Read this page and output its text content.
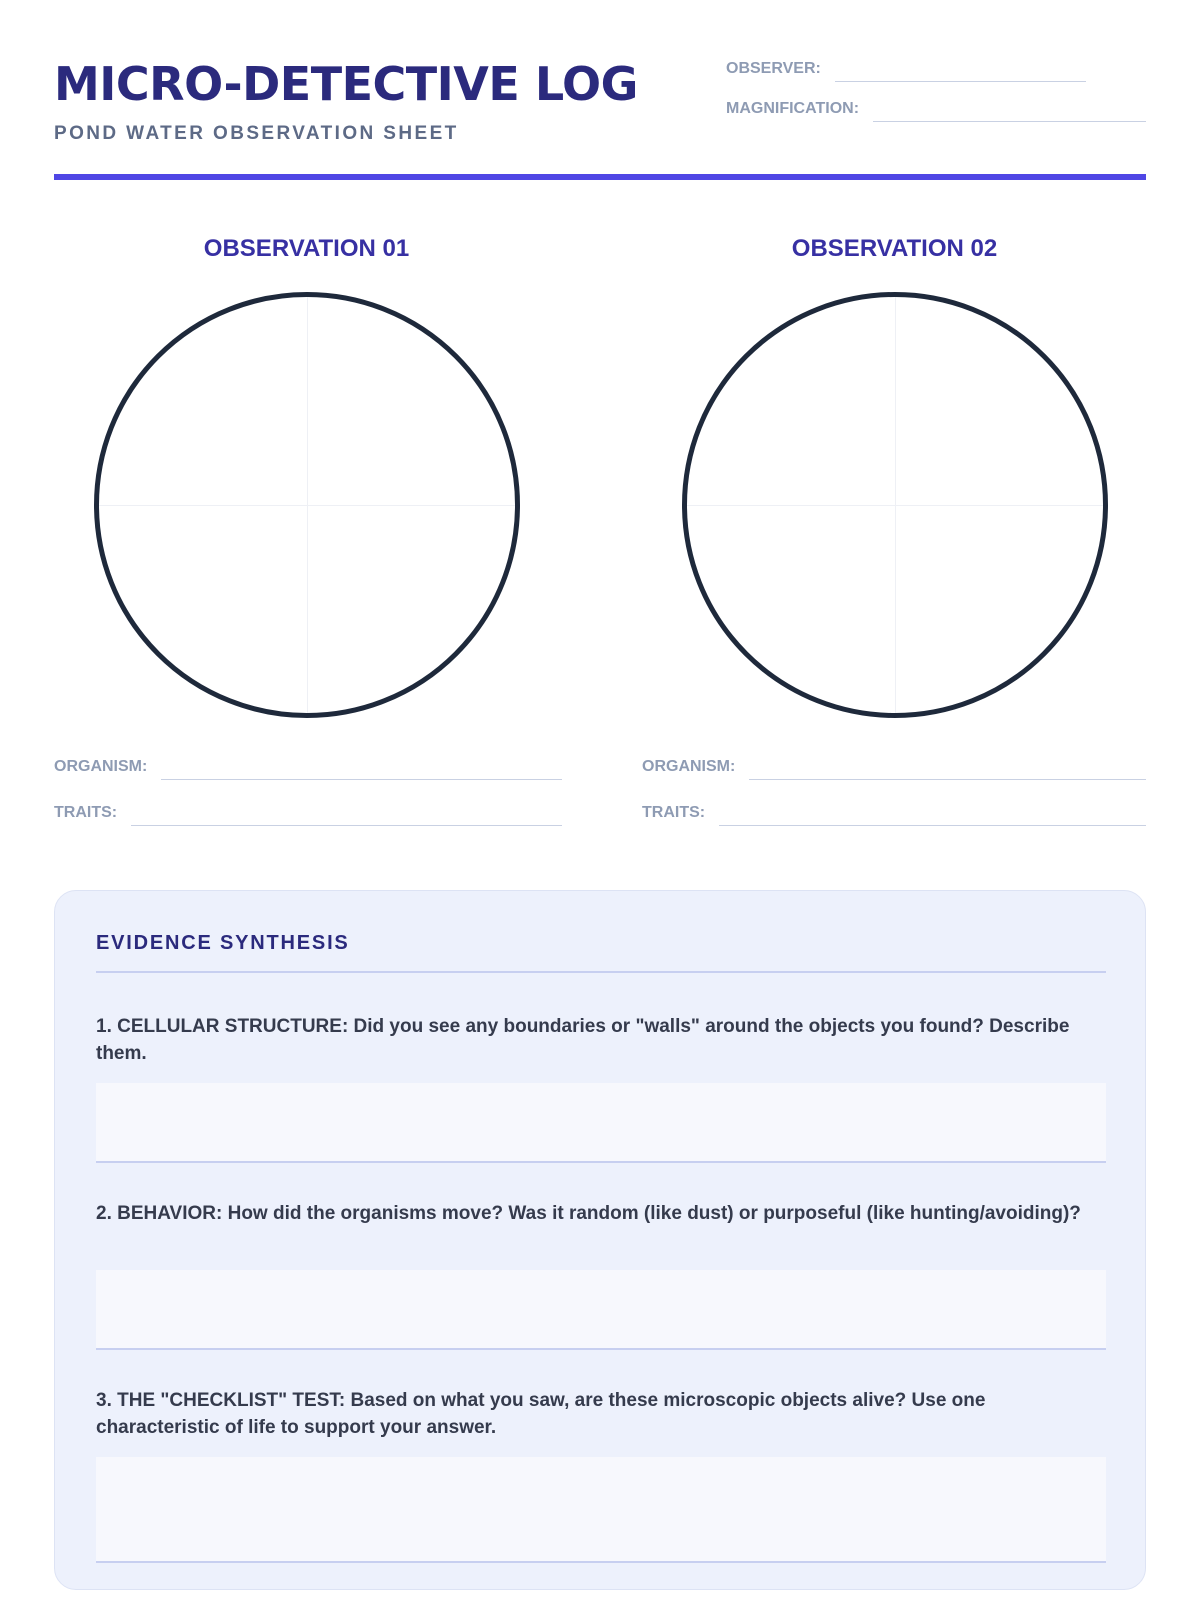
MICRO-DETECTIVE LOG
POND WATER OBSERVATION SHEET
OBSERVER:
MAGNIFICATION:
OBSERVATION 01
ORGANISM:
TRAITS:
OBSERVATION 02
ORGANISM:
TRAITS:
EVIDENCE SYNTHESIS
1. CELLULAR STRUCTURE: Did you see any boundaries or "walls" around the objects you found? Describe them.
2. BEHAVIOR: How did the organisms move? Was it random (like dust) or purposeful (like hunting/avoiding)?
3. THE "CHECKLIST" TEST: Based on what you saw, are these microscopic objects alive? Use one characteristic of life to support your answer.
